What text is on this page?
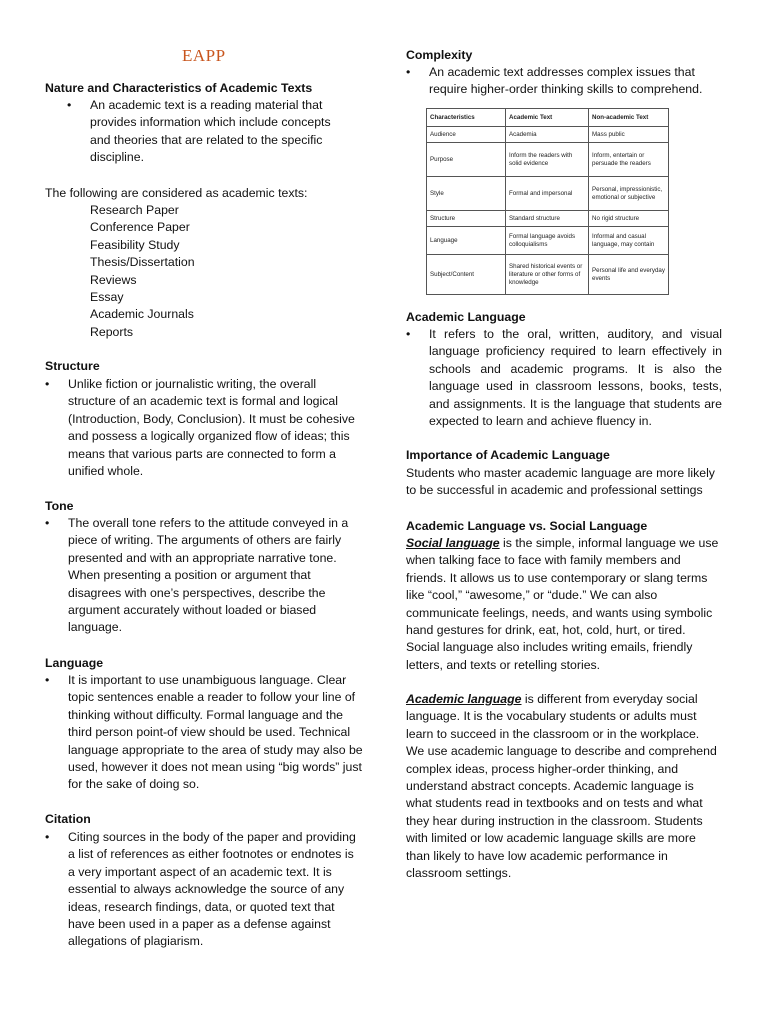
EAPP

Nature and Characteristics of Academic Texts

•	An academic text is a reading material that provides information which include concepts and theories that are related to the specific discipline.

The following are considered as academic texts:

Research Paper
Conference Paper
Feasibility Study
Thesis/Dissertation
Reviews
Essay
Academic Journals
Reports

Structure

•	Unlike fiction or journalistic writing, the overall structure of an academic text is formal and logical (Introduction, Body, Conclusion). It must be cohesive and possess a logically organized flow of ideas; this means that various parts are connected to form a unified whole.

Tone

•	The overall tone refers to the attitude conveyed in a piece of writing. The arguments of others are fairly presented and with an appropriate narrative tone. When presenting a position or argument that disagrees with one’s perspectives, describe the argument accurately without loaded or biased language.

Language

•	It is important to use unambiguous language. Clear topic sentences enable a reader to follow your line of thinking without difficulty. Formal language and the third person point-of view should be used. Technical language appropriate to the area of study may also be used, however it does not mean using “big words” just for the sake of doing so.

Citation

•	Citing sources in the body of the paper and providing a list of references as either footnotes or endnotes is a very important aspect of an academic text. It is essential to always acknowledge the source of any ideas, research findings, data, or quoted text that have been used in a paper as a defense against allegations of plagiarism.

Complexity

•	An academic text addresses complex issues that require higher-order thinking skills to comprehend.
Characteristics	Academic Text	Non-academic Text
Audience	Academia	Mass public
Purpose	Inform the readers with solid evidence	Inform, entertain or persuade the readers
Style	Formal and impersonal	Personal, impressionistic, emotional or subjective
Structure	Standard structure	No rigid structure
Language	Formal language avoids colloquialisms	Informal and casual language, may contain
Subject/Content	Shared historical events or literature or other forms of knowledge	Personal life and everyday events

Academic Language

•	It refers to the oral, written, auditory, and visual language proficiency required to learn effectively in schools and academic programs. It is also the language used in classroom lessons, books, tests, and assignments. It is the language that students are expected to learn and achieve fluency in.

Importance of Academic Language

Students who master academic language are more likely to be successful in academic and professional settings

Academic Language vs. Social Language

Social language is the simple, informal language we use when talking face to face with family members and friends. It allows us to use contemporary or slang terms like “cool,” “awesome,” or “dude.” We can also communicate feelings, needs, and wants using symbolic hand gestures for drink, eat, hot, cold, hurt, or tired. Social language also includes writing emails, friendly letters, and texts or retelling stories.

Academic language is different from everyday social language. It is the vocabulary students or adults must learn to succeed in the classroom or in the workplace. We use academic language to describe and comprehend complex ideas, process higher-order thinking, and understand abstract concepts. Academic language is what students read in textbooks and on tests and what they hear during instruction in the classroom. Students with limited or low academic language skills are more than likely to have low academic performance in classroom settings.
